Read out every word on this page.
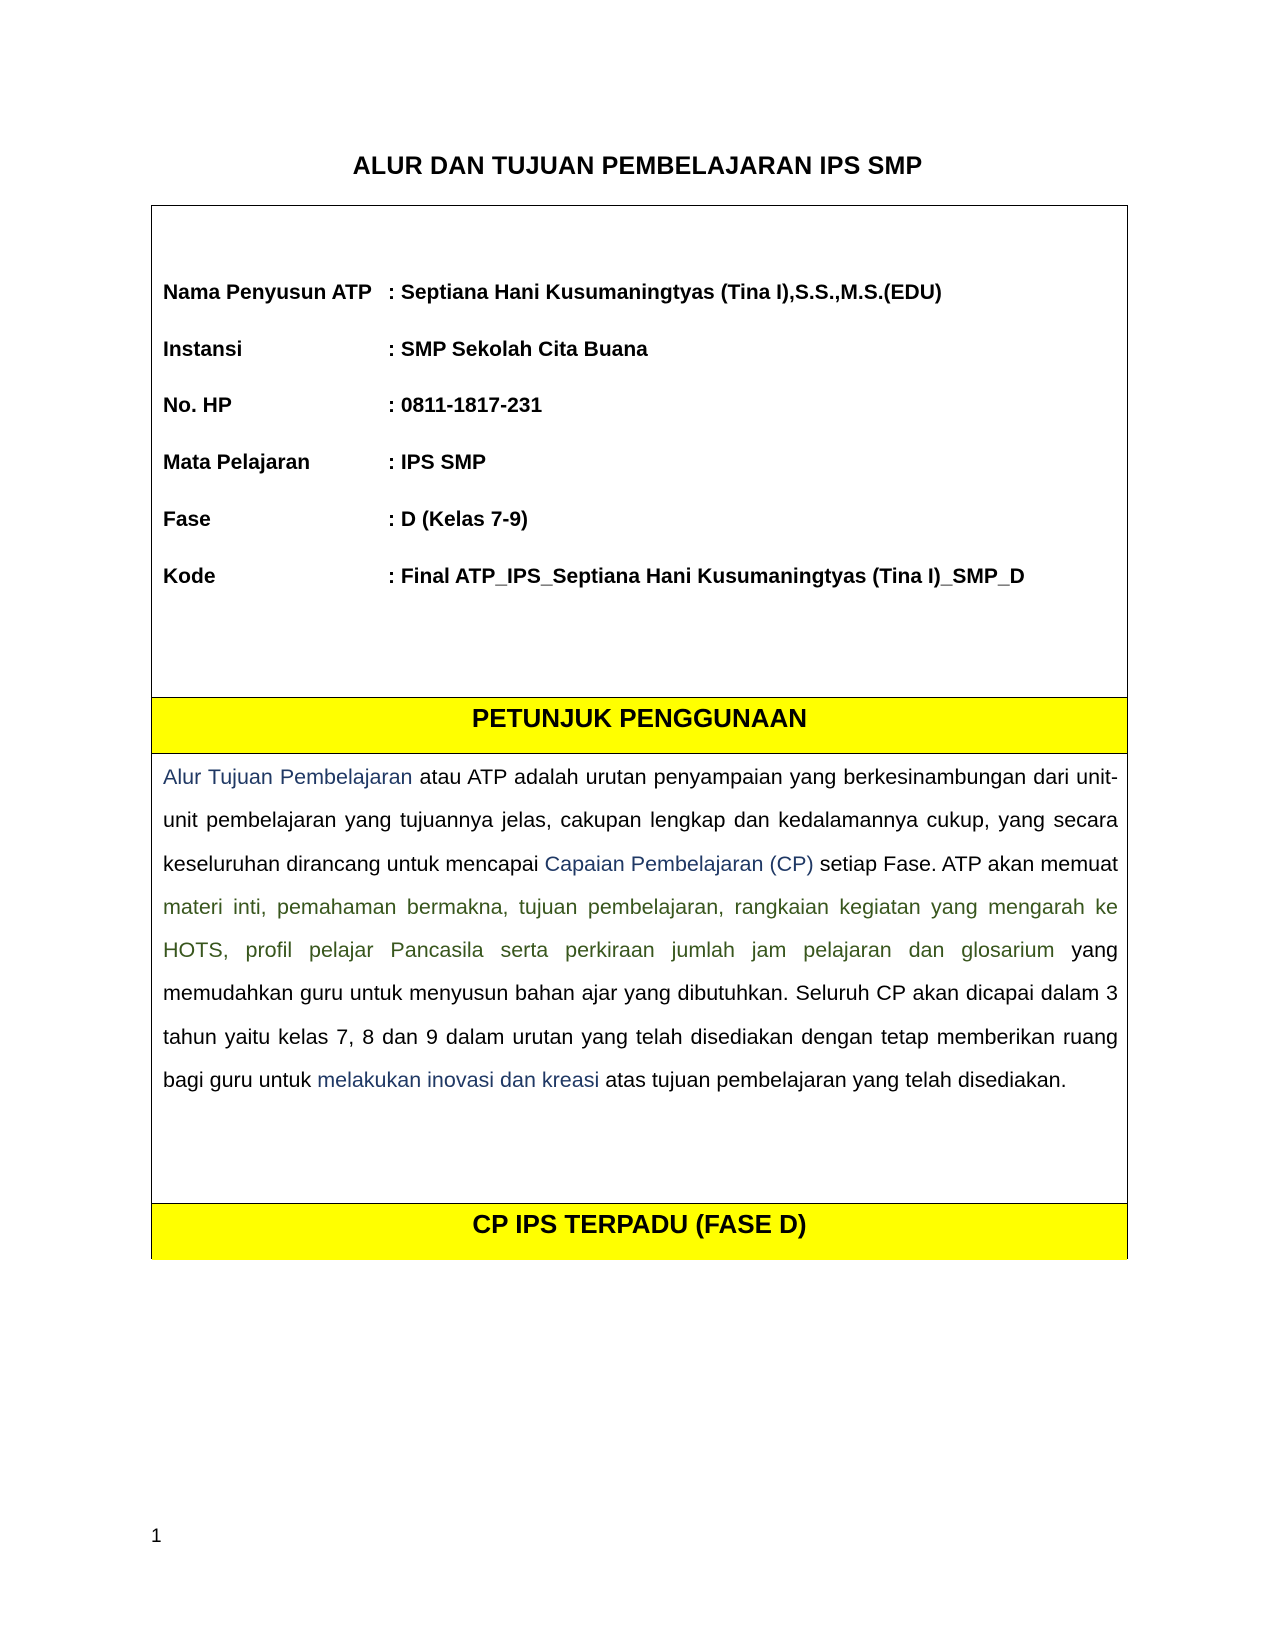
ALUR DAN TUJUAN PEMBELAJARAN IPS SMP
Nama Penyusun ATP : Septiana Hani Kusumaningtyas (Tina I),S.S.,M.S.(EDU)
Instansi	: SMP Sekolah Cita Buana
No. HP	: 0811-1817-231
Mata Pelajaran	: IPS SMP
Fase	: D (Kelas 7-9)
Kode	: Final ATP_IPS_Septiana Hani Kusumaningtyas (Tina I)_SMP_D
PETUNJUK PENGGUNAAN
Alur Tujuan Pembelajaran atau ATP adalah urutan penyampaian yang berkesinambungan dari unit-unit pembelajaran yang tujuannya jelas, cakupan lengkap dan kedalamannya cukup, yang secara keseluruhan dirancang untuk mencapai Capaian Pembelajaran (CP) setiap Fase. ATP akan memuat materi inti, pemahaman bermakna, tujuan pembelajaran, rangkaian kegiatan yang mengarah ke HOTS, profil pelajar Pancasila serta perkiraan jumlah jam pelajaran dan glosarium yang memudahkan guru untuk menyusun bahan ajar yang dibutuhkan. Seluruh CP akan dicapai dalam 3 tahun yaitu kelas 7, 8 dan 9 dalam urutan yang telah disediakan dengan tetap memberikan ruang bagi guru untuk melakukan inovasi dan kreasi atas tujuan pembelajaran yang telah disediakan.
CP IPS TERPADU (FASE D)
1
